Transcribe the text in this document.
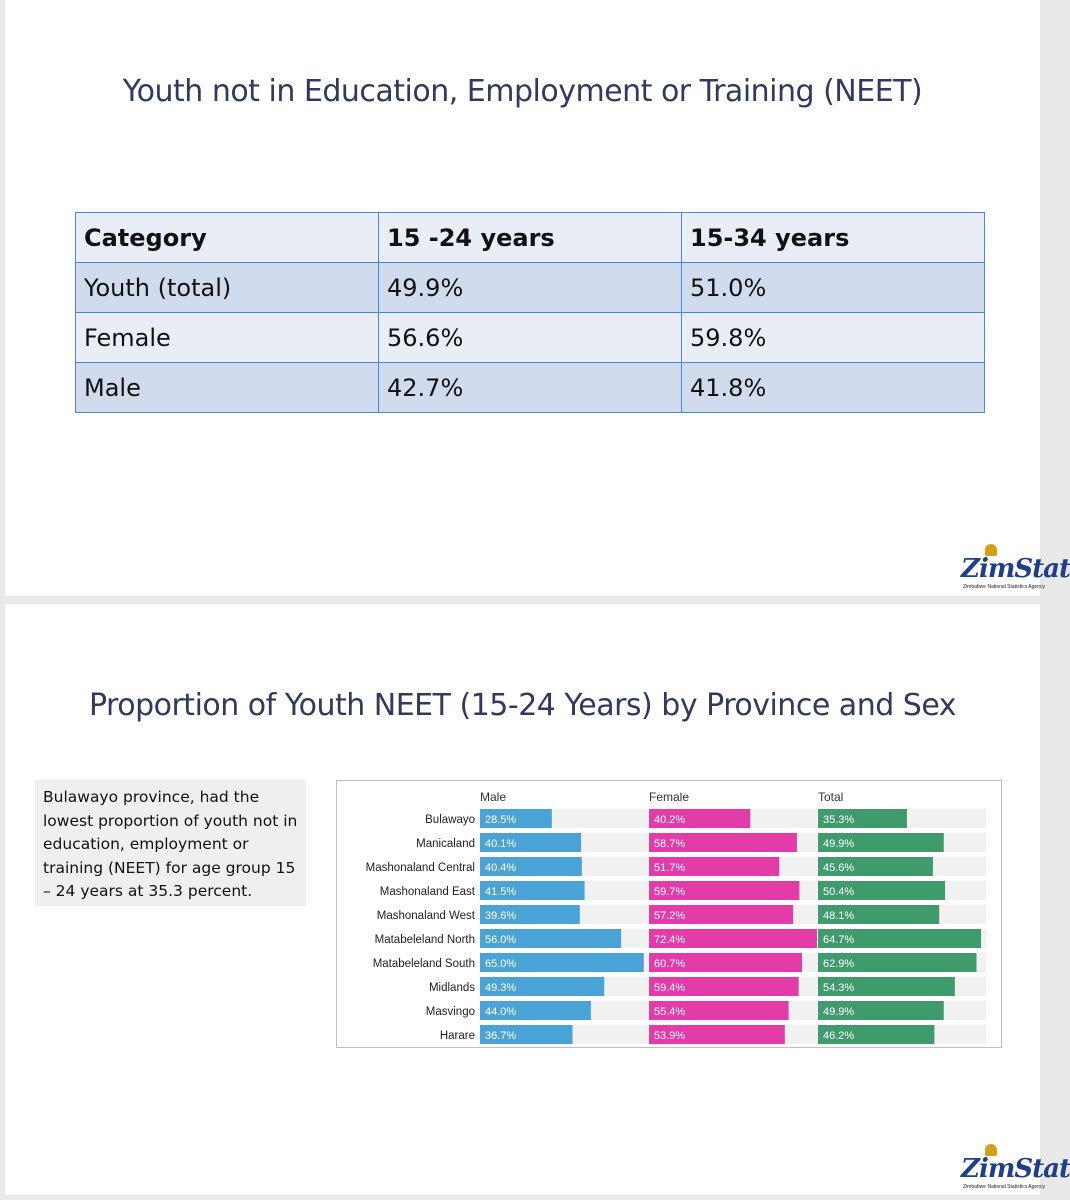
Youth not in Education, Employment or Training (NEET)
Category	15 -24 years	15-34 years
Youth (total)	49.9%	51.0%
Female	56.6%	59.8%
Male	42.7%	41.8%
ZimStat
Zimbabwe National Statistics Agency
Proportion of Youth NEET (15-24 Years) by Province and Sex
Bulawayo province, had the lowest proportion of youth not in education, employment or training (NEET) for age group 15 – 24 years at 35.3 percent.
Male	Female	Total
Bulawayo 28.5%	40.2%	35.3%
Manicaland 40.1%	58.7%	49.9%
Mashonaland Central 40.4%	51.7%	45.6%
Mashonaland East 41.5%	59.7%	50.4%
Mashonaland West 39.6%	57.2%	48.1%
Matabeleland North 56.0%	72.4%	64.7%
Matabeleland South 65.0%	60.7%	62.9%
Midlands 49.3%	59.4%	54.3%
Masvingo 44.0%	55.4%	49.9%
Harare 36.7%	53.9%	46.2%
ZimStat
Zimbabwe National Statistics Agency
